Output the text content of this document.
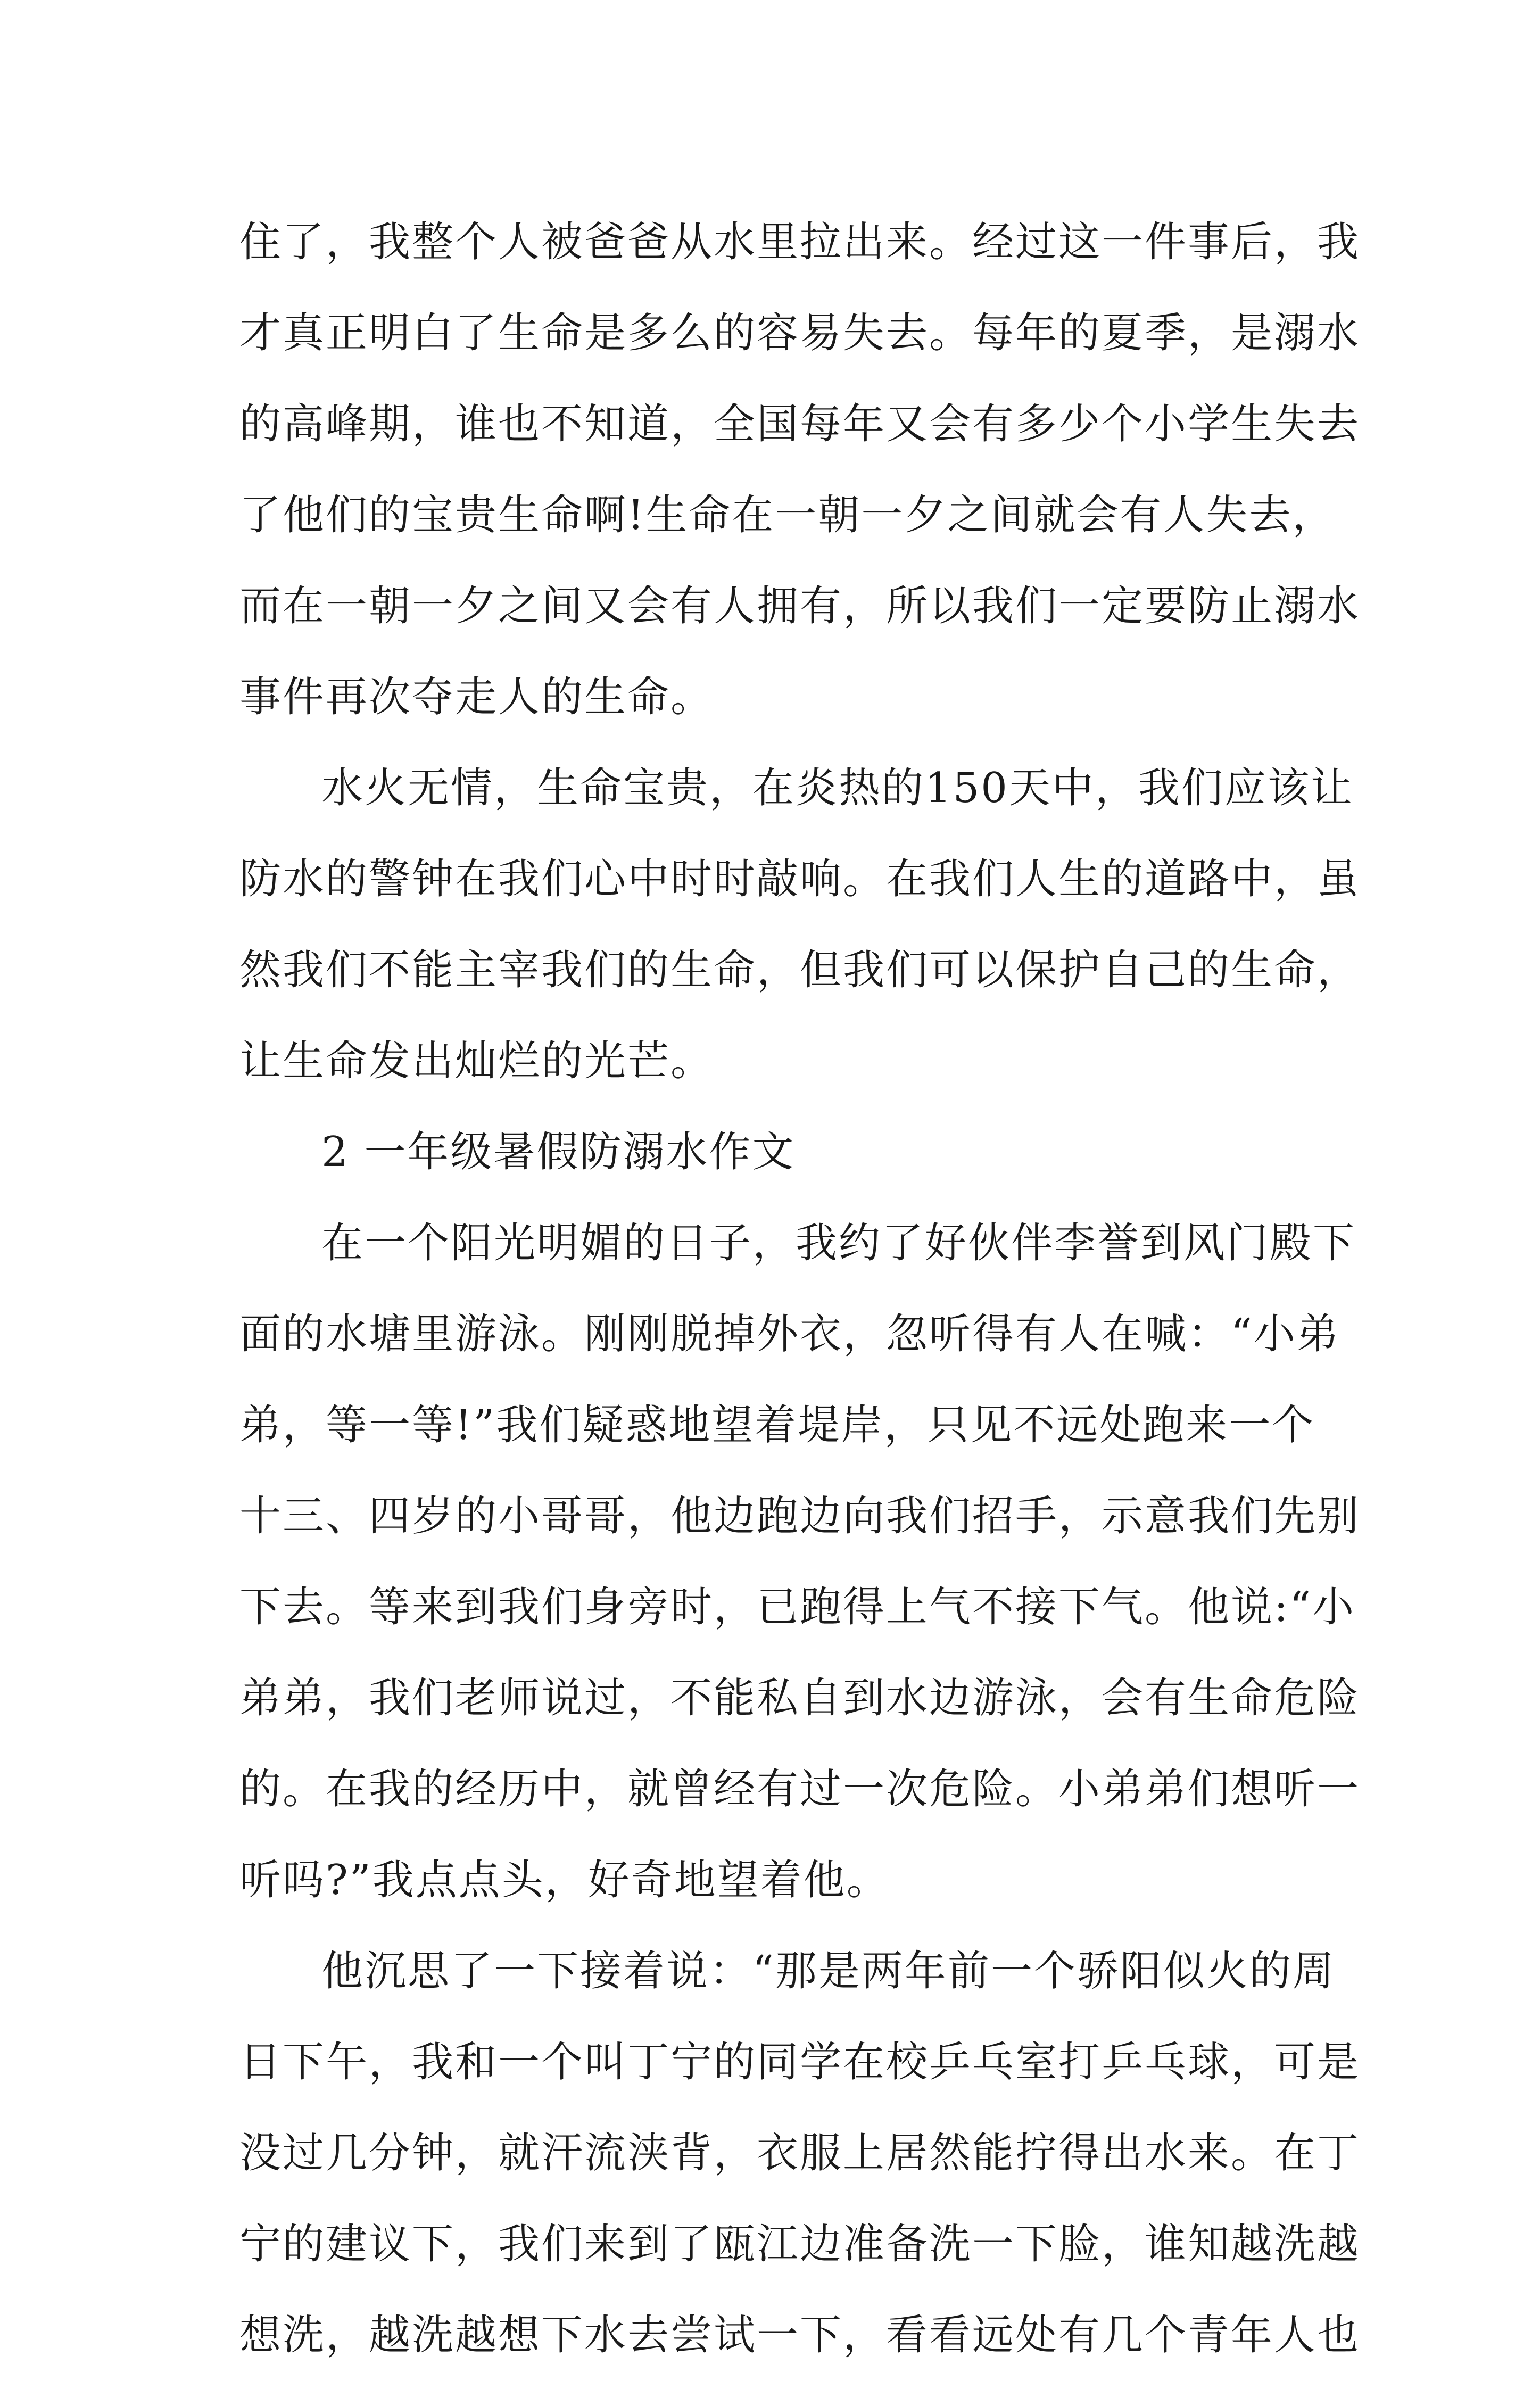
住了，我整个人被爸爸从水里拉出来。经过这一件事后，我
才真正明白了生命是多么的容易失去。每年的夏季，是溺水
的高峰期，谁也不知道，全国每年又会有多少个小学生失去
了他们的宝贵生命啊!生命在一朝一夕之间就会有人失去，
而在一朝一夕之间又会有人拥有，所以我们一定要防止溺水
事件再次夺走人的生命。
水火无情，生命宝贵，在炎热的150天中，我们应该让
防水的警钟在我们心中时时敲响。在我们人生的道路中，虽
然我们不能主宰我们的生命，但我们可以保护自己的生命，
让生命发出灿烂的光芒。
2 一年级暑假防溺水作文
在一个阳光明媚的日子，我约了好伙伴李誉到风门殿下
面的水塘里游泳。刚刚脱掉外衣，忽听得有人在喊：“小弟
弟，等一等!”我们疑惑地望着堤岸，只见不远处跑来一个
十三、四岁的小哥哥，他边跑边向我们招手，示意我们先别
下去。等来到我们身旁时，已跑得上气不接下气。他说:“小
弟弟，我们老师说过，不能私自到水边游泳，会有生命危险
的。在我的经历中，就曾经有过一次危险。小弟弟们想听一
听吗?”我点点头，好奇地望着他。
他沉思了一下接着说：“那是两年前一个骄阳似火的周
日下午，我和一个叫丁宁的同学在校乒乓室打乒乓球，可是
没过几分钟，就汗流浃背，衣服上居然能拧得出水来。在丁
宁的建议下，我们来到了瓯江边准备洗一下脸，谁知越洗越
想洗，越洗越想下水去尝试一下，看看远处有几个青年人也
